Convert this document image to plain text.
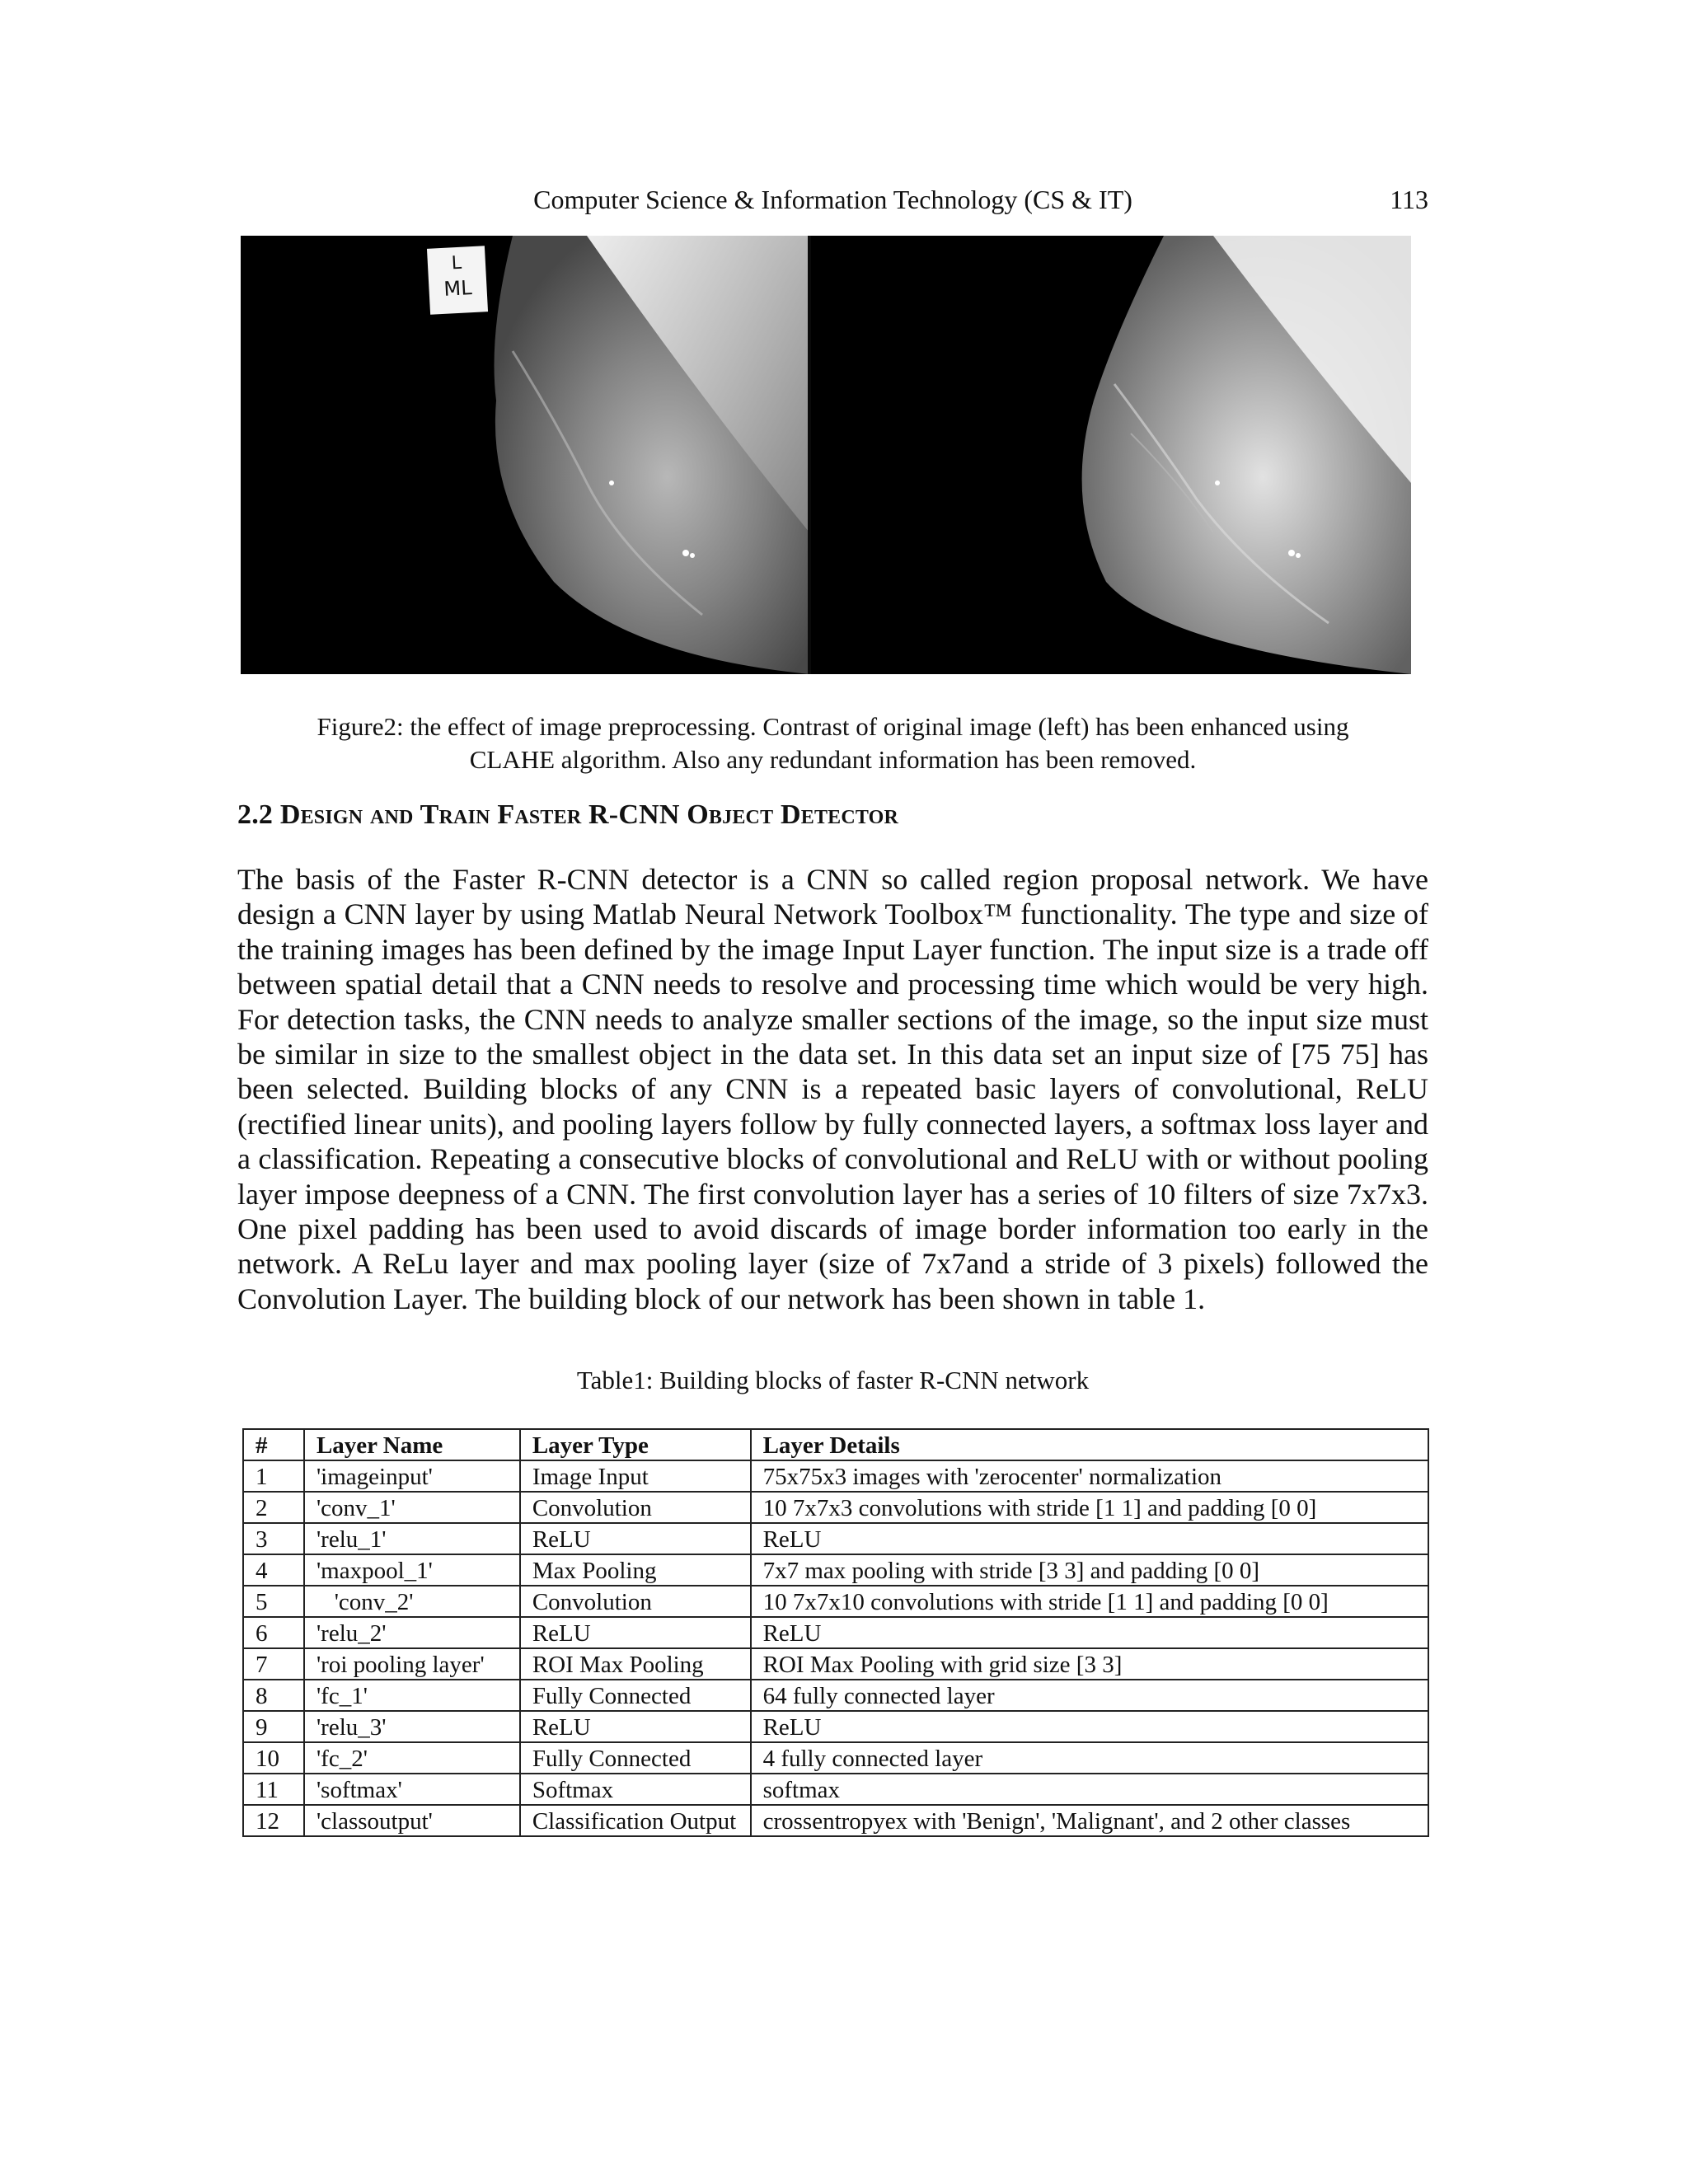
Computer Science & Information Technology (CS & IT)	113
L
ML
Figure2: the effect of image preprocessing. Contrast of original image (left) has been enhanced using
CLAHE algorithm. Also any redundant information has been removed.
2.2 Design and Train Faster R-CNN Object Detector
The basis of the Faster R-CNN detector is a CNN so called region proposal network. We have design a CNN layer by using Matlab Neural Network Toolbox™ functionality. The type and size of the training images has been defined by the image Input Layer function. The input size is a trade off between spatial detail that a CNN needs to resolve and processing time which would be very high. For detection tasks, the CNN needs to analyze smaller sections of the image, so the input size must be similar in size to the smallest object in the data set. In this data set an input size of [75 75] has been selected. Building blocks of any CNN is a repeated basic layers of convolutional, ReLU (rectified linear units), and pooling layers follow by fully connected layers, a softmax loss layer and a classification. Repeating a consecutive blocks of convolutional and ReLU with or without pooling layer impose deepness of a CNN. The first convolution layer has a series of 10 filters of size 7x7x3. One pixel padding has been used to avoid discards of image border information too early in the network. A ReLu layer and max pooling layer (size of 7x7and a stride of 3 pixels) followed the Convolution Layer. The building block of our network has been shown in table 1.
Table1: Building blocks of faster R-CNN network
#	Layer Name	Layer Type	Layer Details
1	'imageinput'	Image Input	75x75x3 images with 'zerocenter' normalization
2	'conv_1'	Convolution	10 7x7x3 convolutions with stride [1 1] and padding [0 0]
3	'relu_1'	ReLU	ReLU
4	'maxpool_1'	Max Pooling	7x7 max pooling with stride [3 3] and padding [0 0]
5	'conv_2'	Convolution	10 7x7x10 convolutions with stride [1 1] and padding [0 0]
6	'relu_2'	ReLU	ReLU
7	'roi pooling layer'	ROI Max Pooling	ROI Max Pooling with grid size [3 3]
8	'fc_1'	Fully Connected	64 fully connected layer
9	'relu_3'	ReLU	ReLU
10	'fc_2'	Fully Connected	4 fully connected layer
11	'softmax'	Softmax	softmax
12	'classoutput'	Classification Output	crossentropyex with 'Benign', 'Malignant', and 2 other classes
